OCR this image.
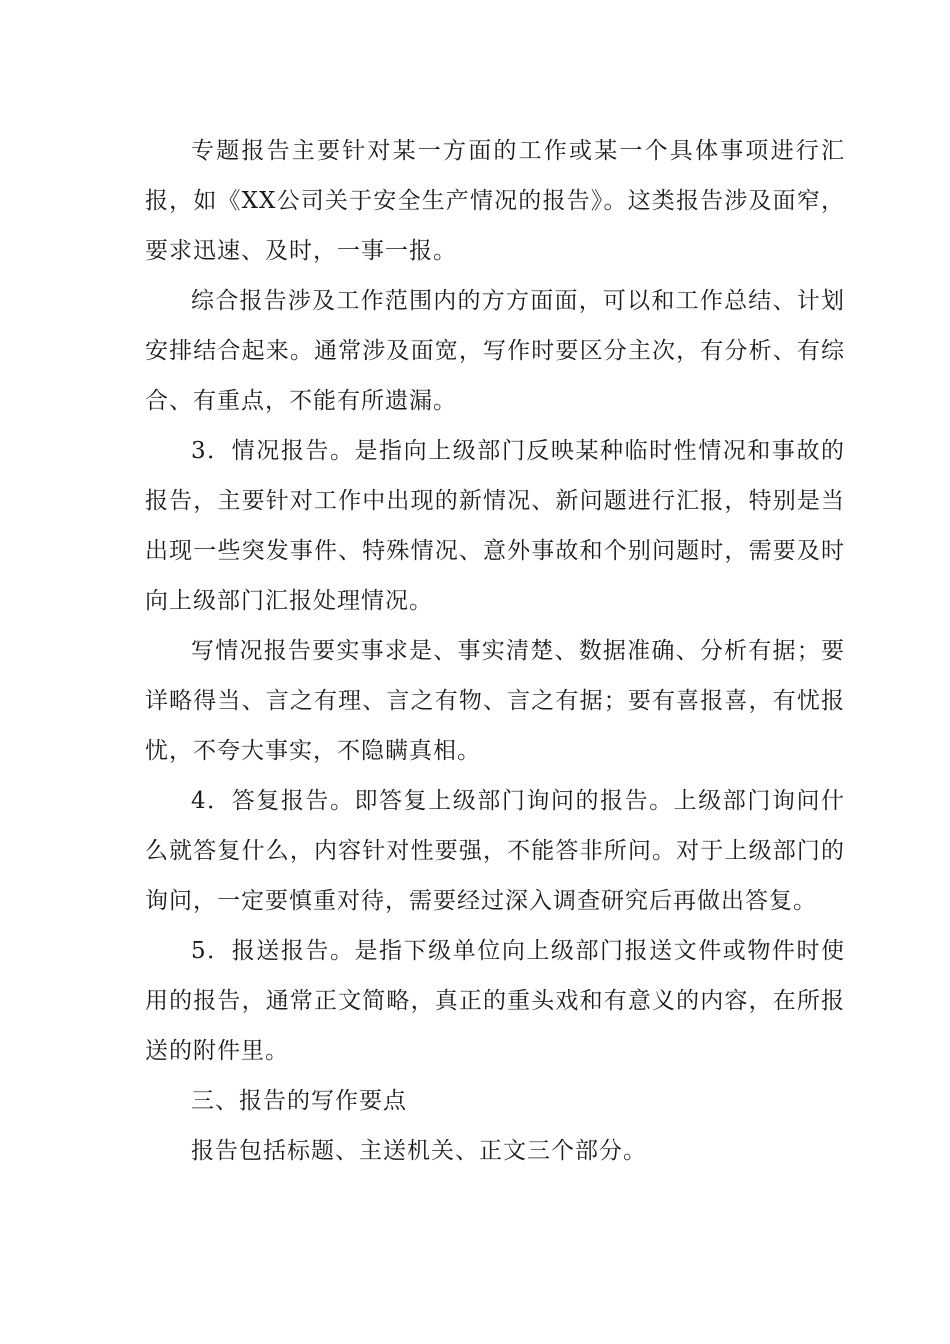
专题报告主要针对某一方面的工作或某一个具体事项进行汇报，如《XX公司关于安全生产情况的报告》。这类报告涉及面窄，要求迅速、及时，一事一报。

综合报告涉及工作范围内的方方面面，可以和工作总结、计划安排结合起来。通常涉及面宽，写作时要区分主次，有分析、有综合、有重点，不能有所遗漏。

3．情况报告。是指向上级部门反映某种临时性情况和事故的报告，主要针对工作中出现的新情况、新问题进行汇报，特别是当出现一些突发事件、特殊情况、意外事故和个别问题时，需要及时向上级部门汇报处理情况。

写情况报告要实事求是、事实清楚、数据准确、分析有据；要详略得当、言之有理、言之有物、言之有据；要有喜报喜，有忧报忧，不夸大事实，不隐瞒真相。

4．答复报告。即答复上级部门询问的报告。上级部门询问什么就答复什么，内容针对性要强，不能答非所问。对于上级部门的询问，一定要慎重对待，需要经过深入调查研究后再做出答复。

5．报送报告。是指下级单位向上级部门报送文件或物件时使用的报告，通常正文简略，真正的重头戏和有意义的内容，在所报送的附件里。

三、报告的写作要点

报告包括标题、主送机关、正文三个部分。
